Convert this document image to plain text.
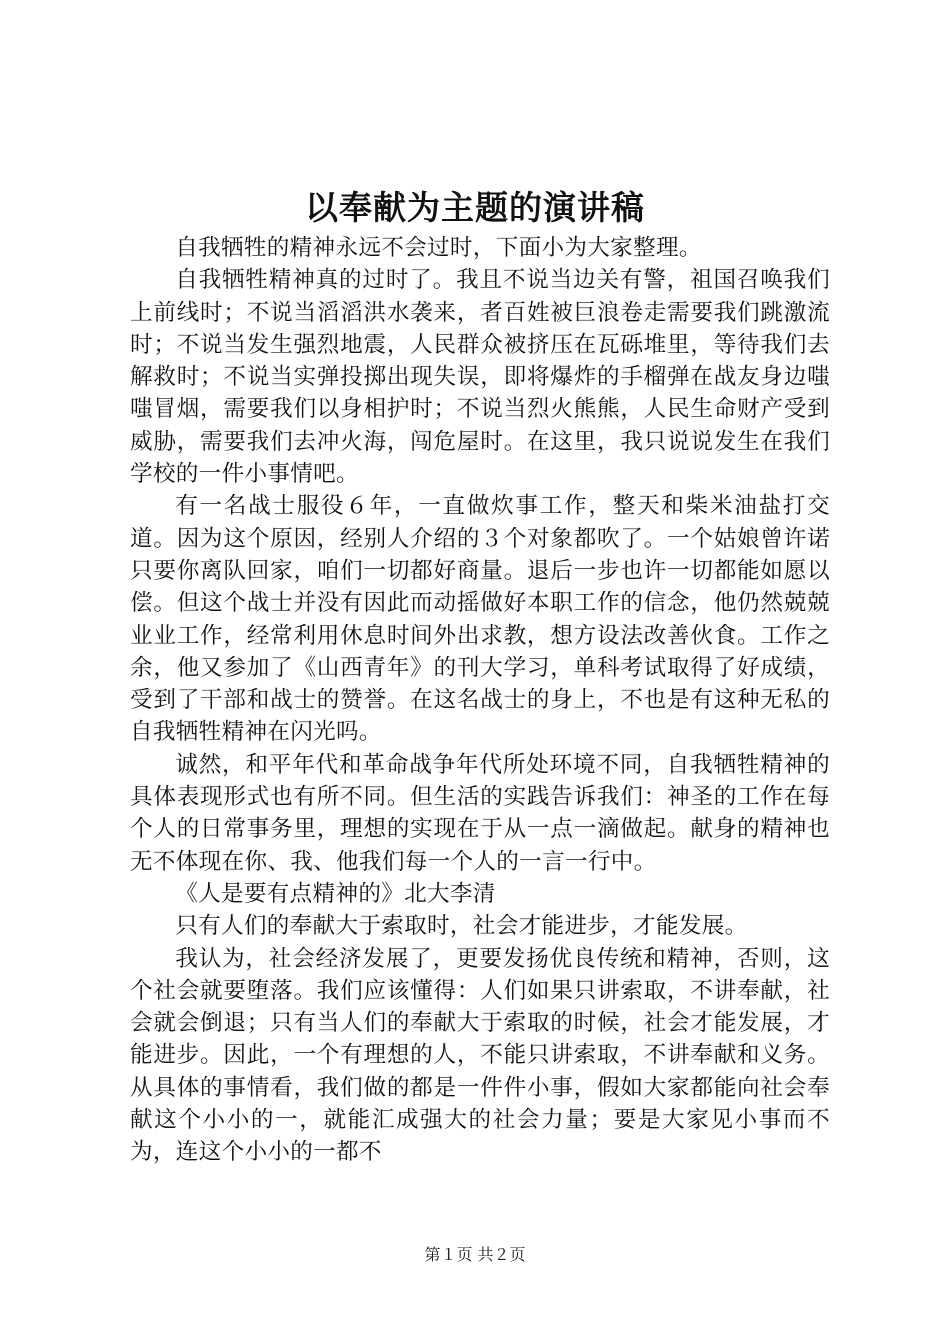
以奉献为主题的演讲稿

自我牺牲的精神永远不会过时，下面小为大家整理。

自我牺牲精神真的过时了。我且不说当边关有警，祖国召唤我们上前线时；不说当滔滔洪水袭来，者百姓被巨浪卷走需要我们跳激流时；不说当发生强烈地震，人民群众被挤压在瓦砾堆里，等待我们去解救时；不说当实弹投掷出现失误，即将爆炸的手榴弹在战友身边嗤嗤冒烟，需要我们以身相护时；不说当烈火熊熊，人民生命财产受到威胁，需要我们去冲火海，闯危屋时。在这里，我只说说发生在我们学校的一件小事情吧。

有一名战士服役６年，一直做炊事工作，整天和柴米油盐打交道。因为这个原因，经别人介绍的３个对象都吹了。一个姑娘曾许诺只要你离队回家，咱们一切都好商量。退后一步也许一切都能如愿以偿。但这个战士并没有因此而动摇做好本职工作的信念，他仍然兢兢业业工作，经常利用休息时间外出求教，想方设法改善伙食。工作之余，他又参加了《山西青年》的刊大学习，单科考试取得了好成绩，受到了干部和战士的赞誉。在这名战士的身上，不也是有这种无私的自我牺牲精神在闪光吗。

诚然，和平年代和革命战争年代所处环境不同，自我牺牲精神的具体表现形式也有所不同。但生活的实践告诉我们：神圣的工作在每个人的日常事务里，理想的实现在于从一点一滴做起。献身的精神也无不体现在你、我、他我们每一个人的一言一行中。

《人是要有点精神的》北大李清

只有人们的奉献大于索取时，社会才能进步，才能发展。

我认为，社会经济发展了，更要发扬优良传统和精神，否则，这个社会就要堕落。我们应该懂得：人们如果只讲索取，不讲奉献，社会就会倒退；只有当人们的奉献大于索取的时候，社会才能发展，才能进步。因此，一个有理想的人，不能只讲索取，不讲奉献和义务。从具体的事情看，我们做的都是一件件小事，假如大家都能向社会奉献这个小小的一，就能汇成强大的社会力量；要是大家见小事而不为，连这个小小的一都不

第１页 共２页
